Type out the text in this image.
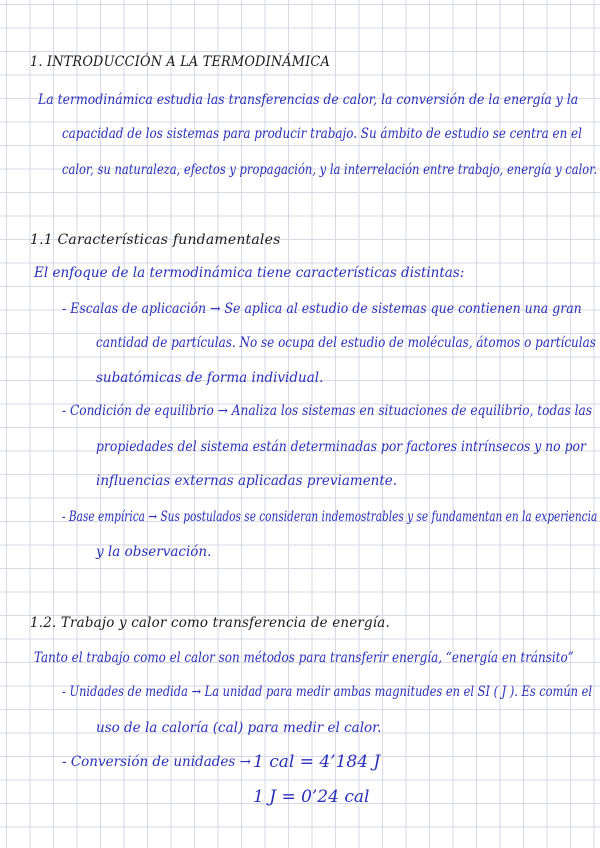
1. INTRODUCCIÓN A LA TERMODINÁMICA
La termodinámica estudia las transferencias de calor, la conversión de la energía y la
capacidad de los sistemas para producir trabajo. Su ámbito de estudio se centra en el
calor, su naturaleza, efectos y propagación, y la interrelación entre trabajo, energía y calor.
1.1 Características fundamentales
El enfoque de la termodinámica tiene características distintas:
- Escalas de aplicación → Se aplica al estudio de sistemas que contienen una gran
cantidad de partículas. No se ocupa del estudio de moléculas, átomos o partículas
subatómicas de forma individual.
- Condición de equilibrio → Analiza los sistemas en situaciones de equilibrio, todas las
propiedades del sistema están determinadas por factores intrínsecos y no por
influencias externas aplicadas previamente.
- Base empírica → Sus postulados se consideran indemostrables y se fundamentan en la experiencia
y la observación.
1.2. Trabajo y calor como transferencia de energía.
Tanto el trabajo como el calor son métodos para transferir energía, “energía en tránsito”
- Unidades de medida → La unidad para medir ambas magnitudes en el SI ( J ). Es común el
uso de la caloría (cal) para medir el calor.
- Conversión de unidades → 1 cal = 4’184 J
1 J = 0’24 cal
